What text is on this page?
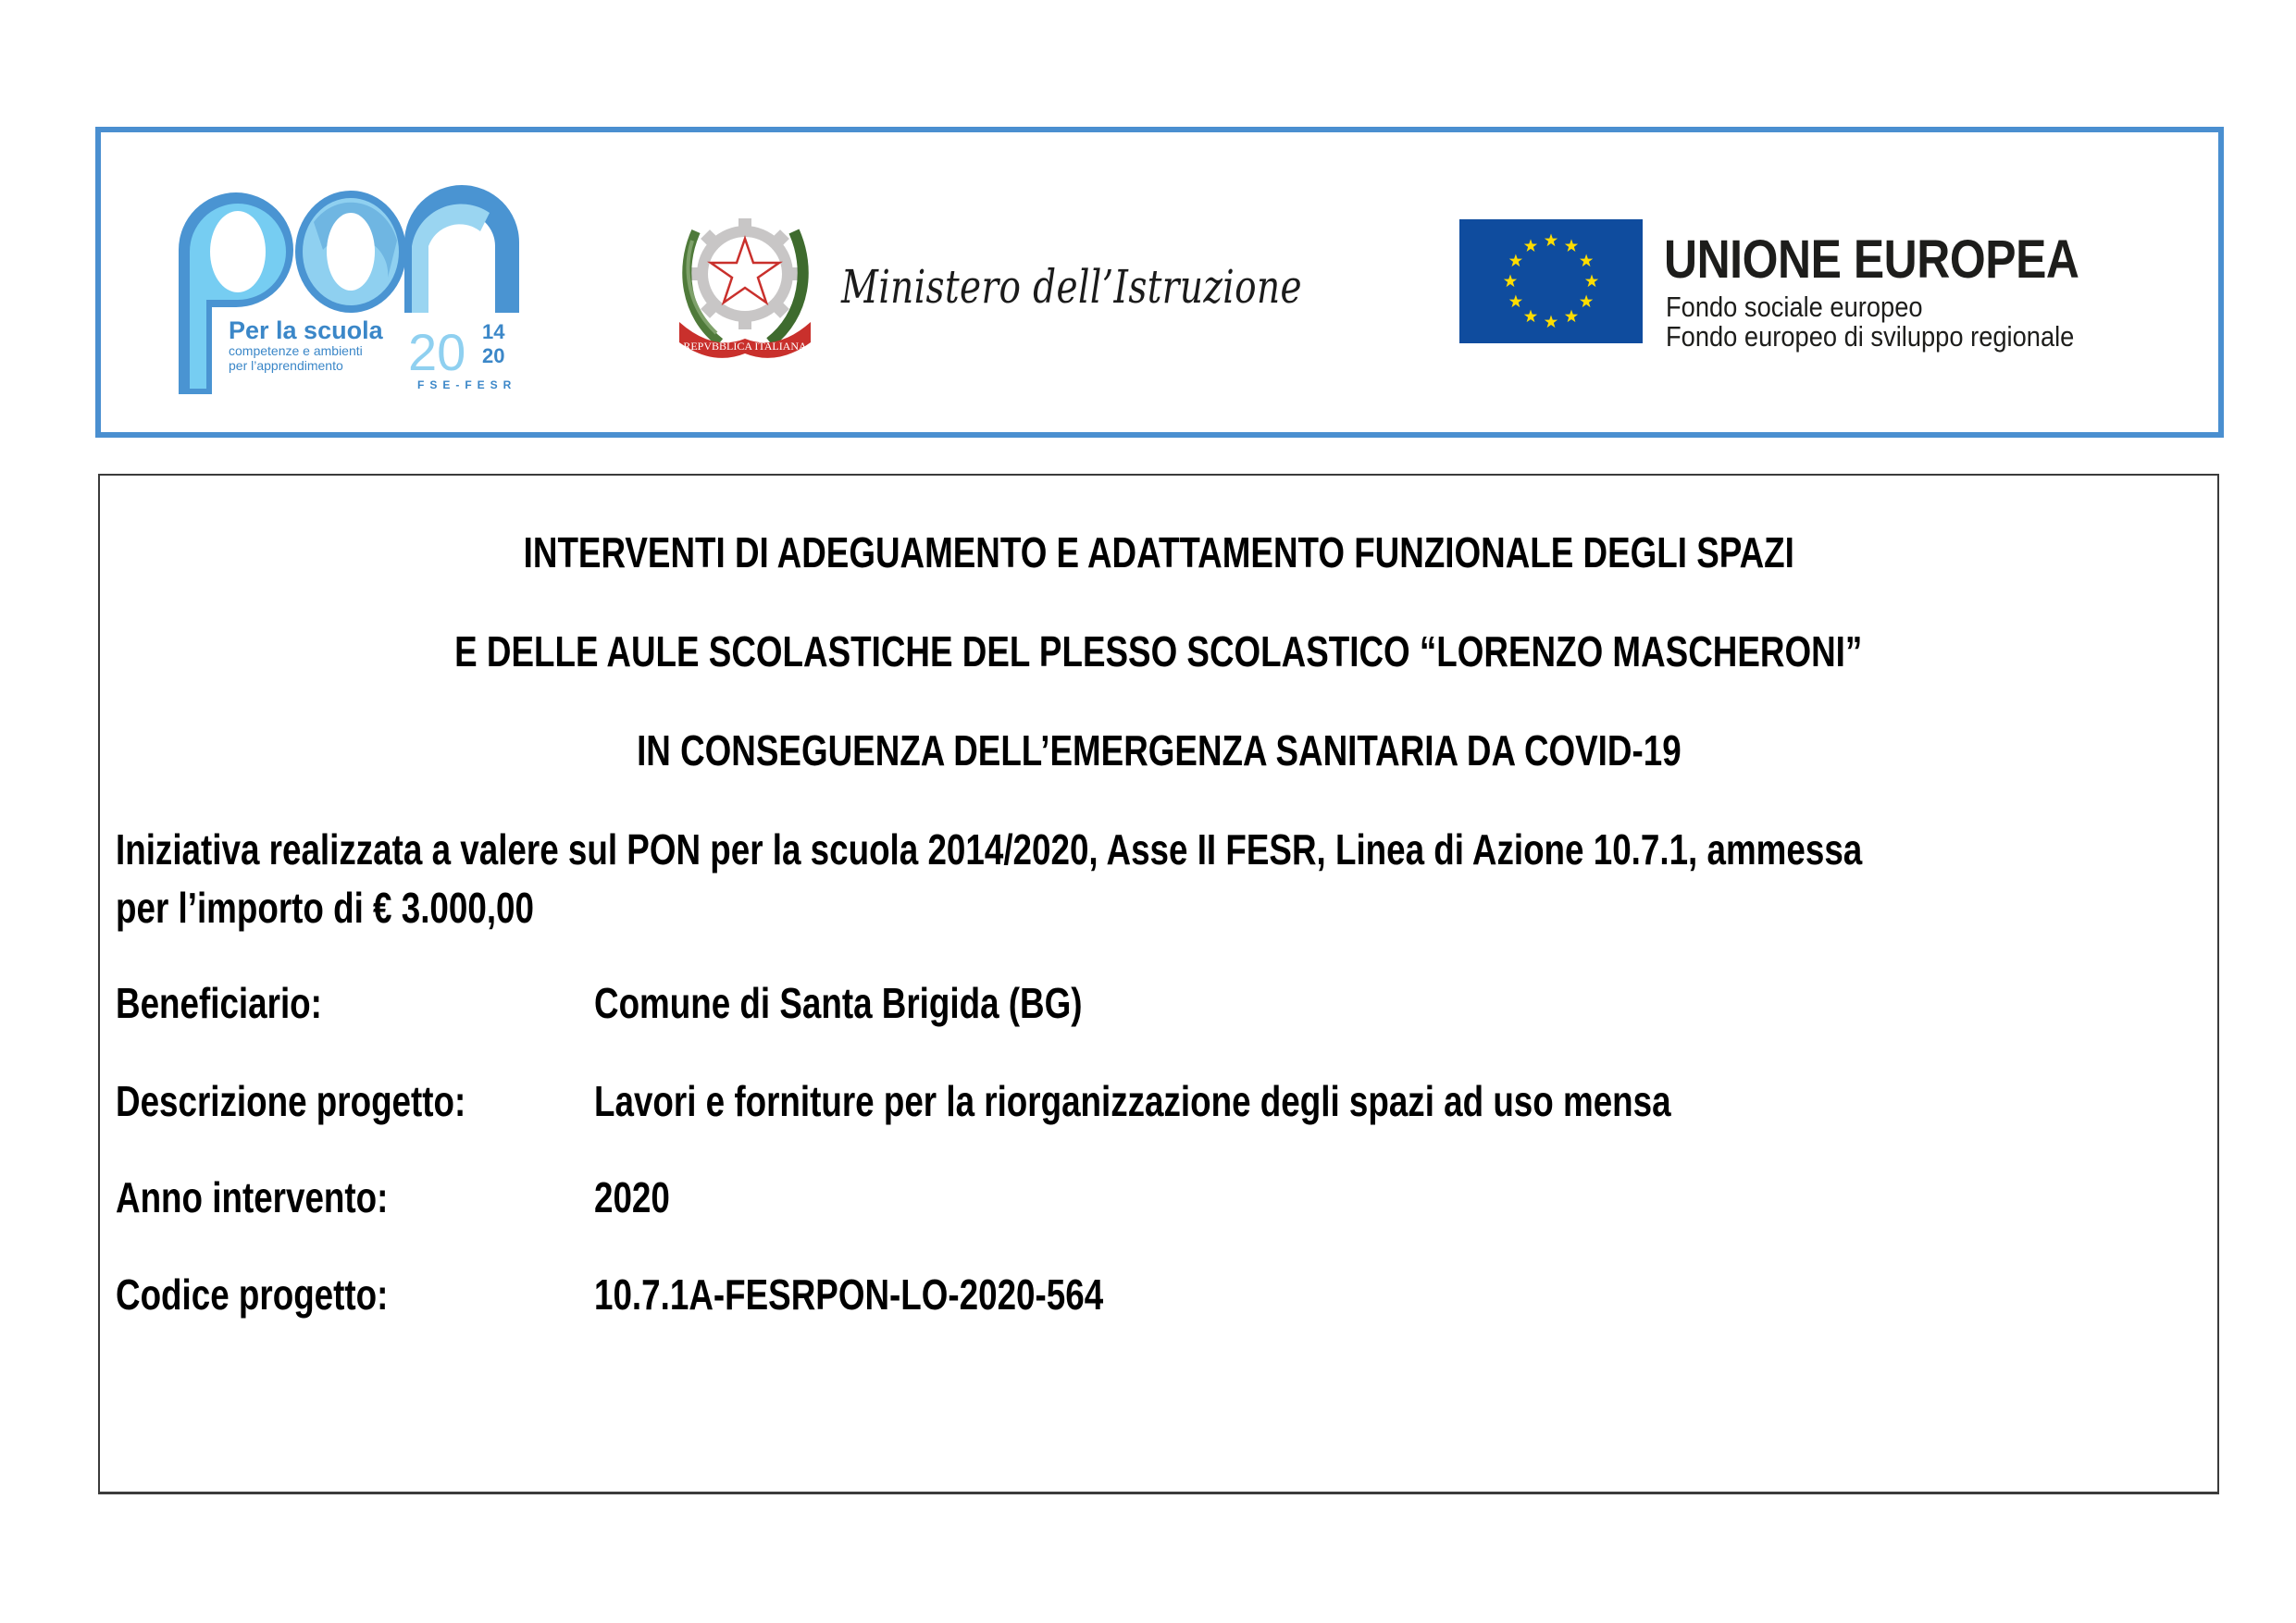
Per la scuola
competenze e ambienti
per l’apprendimento 20 14
20
FSE-FESR
REPVBBLICA ITALIANA
Ministero dell’Istruzione	UNIONE EUROPEA
Fondo sociale europeo
Fondo europeo di sviluppo regionale
INTERVENTI DI ADEGUAMENTO E ADATTAMENTO FUNZIONALE DEGLI SPAZI
E DELLE AULE SCOLASTICHE DEL PLESSO SCOLASTICO “LORENZO MASCHERONI”
IN CONSEGUENZA DELL’EMERGENZA SANITARIA DA COVID-19
Iniziativa realizzata a valere sul PON per la scuola 2014/2020, Asse II FESR, Linea di Azione 10.7.1, ammessa
per l’importo di € 3.000,00
Beneficiario:	Comune di Santa Brigida (BG)
Descrizione progetto:	Lavori e forniture per la riorganizzazione degli spazi ad uso mensa
Anno intervento:	2020
Codice progetto:	10.7.1A-FESRPON-LO-2020-564
